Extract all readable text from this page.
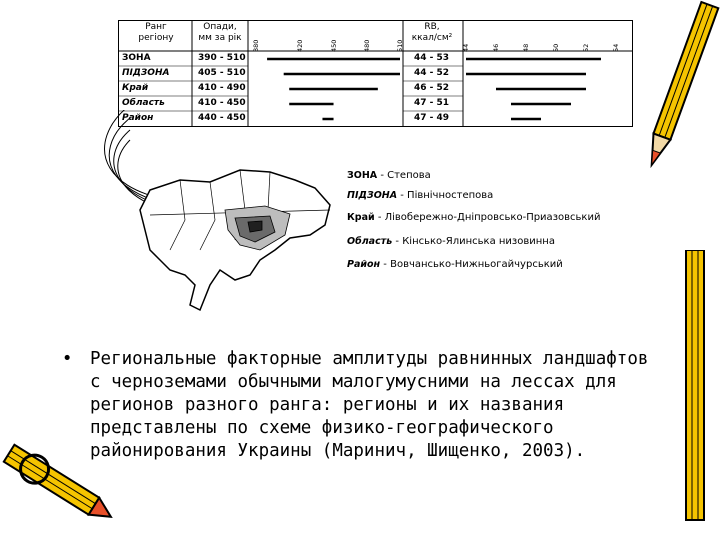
Ранг
регіону
Опади,
мм за рік
RB,
ккал/см²
380	420	450	480	510	44	46	48	50	52	54
ЗОНА	390 - 510	44 - 53
ПІДЗОНА	405 - 510	44 - 52
Край	410 - 490	46 - 52
Область	410 - 450	47 - 51
Район	440 - 450	47 - 49
ЗОНА - Степова
ПІДЗОНА - Північностепова
Край - Лівобережно-Дніпровсько-Приазовський
Область - Кінсько-Ялинська низовинна
Район - Вовчансько-Нижньогайчурський
• Региональные факторные амплитуды равнинных ландшафтов с черноземами обычными малогумусними на лессах для регионов разного ранга: регионы и их названия представлены по схеме физико-географического районирования Украины (Маринич, Шищенко, 2003).
